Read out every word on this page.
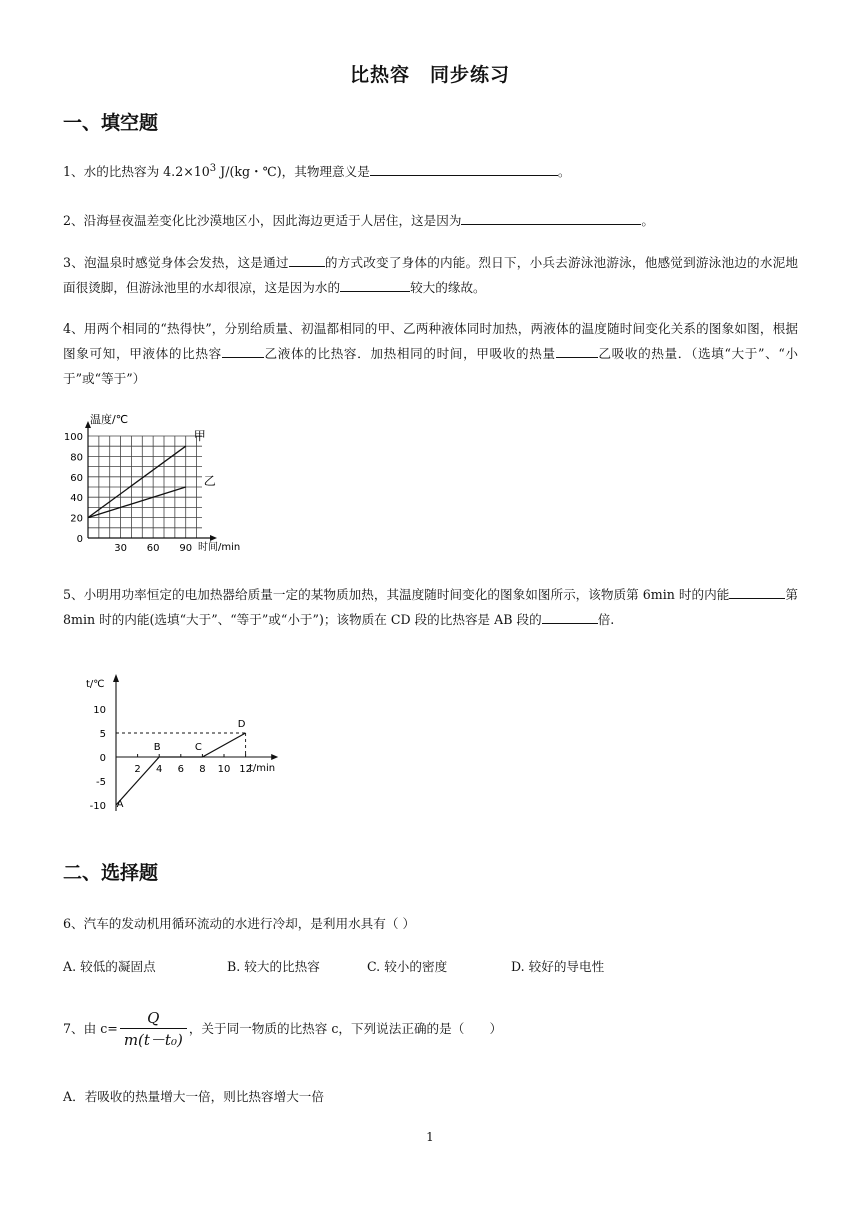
比热容　同步练习
一、填空题
1、水的比热容为 $4.2\times 10^3$ J/(kg・℃)，其物理意义是	。
2、沿海昼夜温差变化比沙漠地区小，因此海边更适于人居住，这是因为	。
3、泡温泉时感觉身体会发热，这是通过	的方式改变了身体的内能。烈日下，小兵去游泳池游泳，他感觉到游泳池边的水泥地面很烫脚，但游泳池里的水却很凉，这是因为水的	较大的缘故。
4、用两个相同的“热得快”，分别给质量、初温都相同的甲、乙两种液体同时加热，两液体的温度随时间变化关系的图象如图，根据图象可知，甲液体的比热容	乙液体的比热容．加热相同的时间，甲吸收的热量	乙吸收的热量．（选填“大于”、“小于”或“等于”）
0
20
40
60
80
100
30 60 90
甲
乙
温度/℃
时间/min
5、小明用功率恒定的电加热器给质量一定的某物质加热，其温度随时间变化的图象如图所示，该物质第 6min 时的内能	第 8min 时的内能(选填“大于”、“等于”或“小于”)；该物质在 CD 段的比热容是 AB 段的	倍.
2 4 6 8 10 12
10
5
0
-5
-10 A
B	C
D
t/℃
t/min
二、选择题
6、汽车的发动机用循环流动的水进行冷却，是利用水具有（ ）
A. 较低的凝固点	B. 较大的比热容	C. 较小的密度	D. 较好的导电性
7、由 $c= \frac{Q}{\text{m(t－t₀)}}$ ，关于同一物质的比热容 c，下列说法正确的是（　　）
A．若吸收的热量增大一倍，则比热容增大一倍
1
